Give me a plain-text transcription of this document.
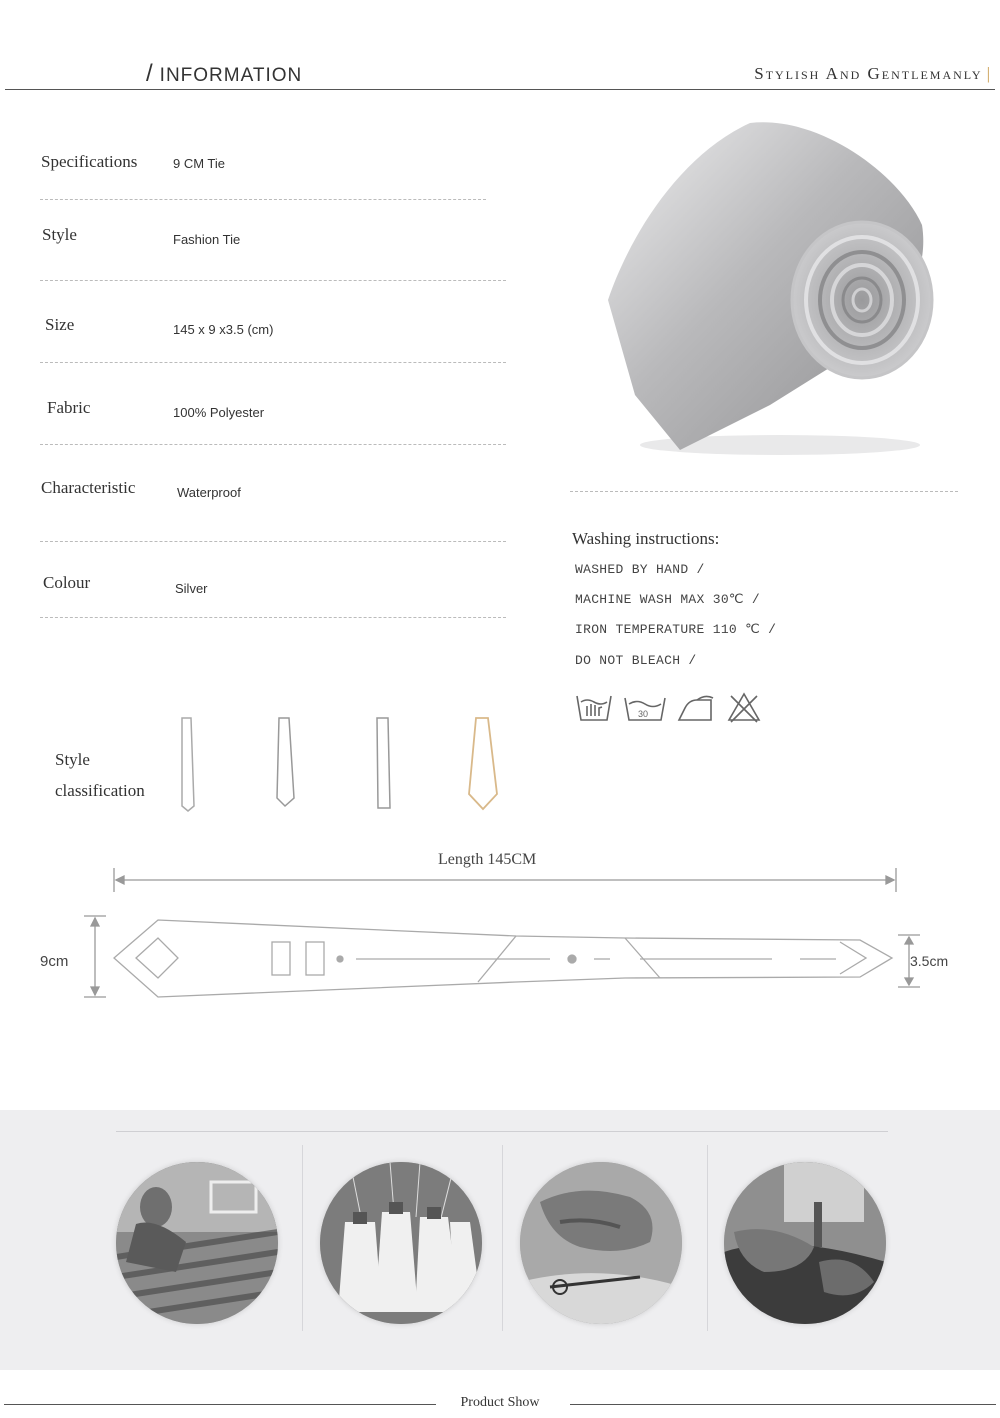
/ INFORMATION	Stylish And Gentlemanly |
Specifications	9 CM Tie
Style	Fashion Tie
Size	145 x 9 x3.5 (cm)
Fabric	100% Polyester
Characteristic	Waterproof
Colour	Silver
Washing instructions:
WASHED BY HAND /
MACHINE WASH MAX 30℃ /
IRON TEMPERATURE 110 ℃ /
DO NOT BLEACH /
30
Style
classification
Length 145CM
9cm	3.5cm
Product Show
